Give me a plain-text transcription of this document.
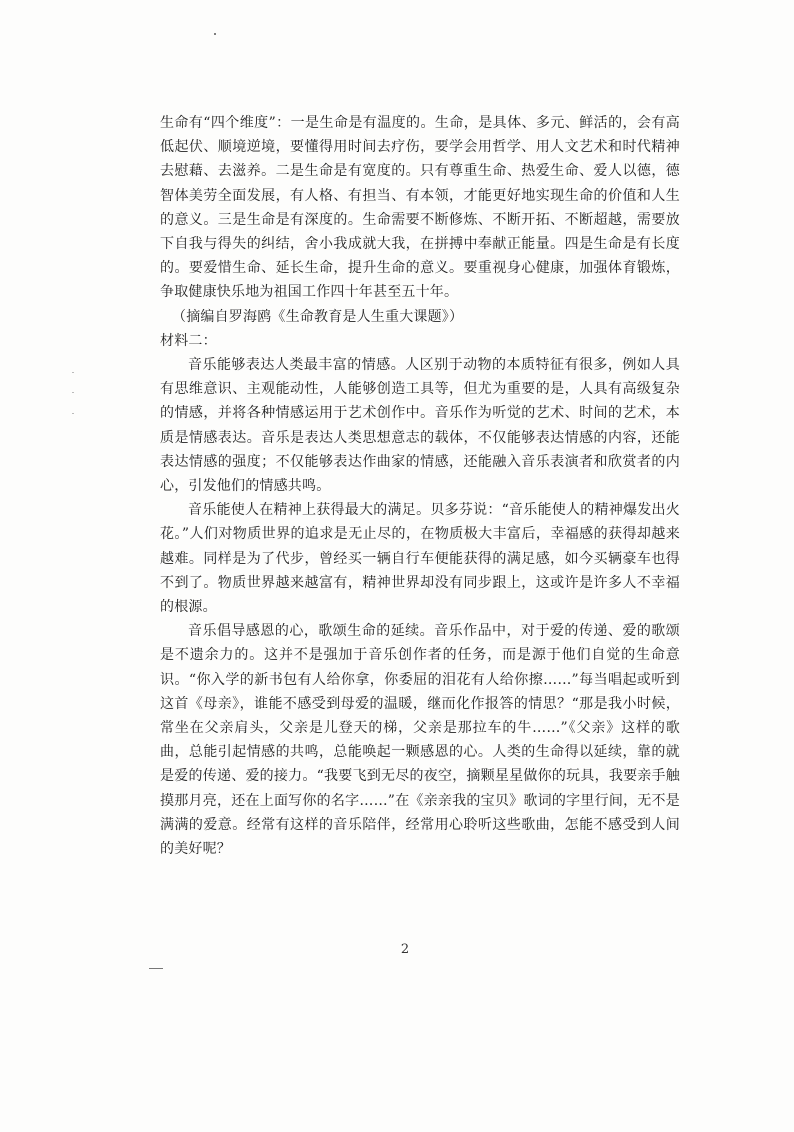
生命有“四个维度”：一是生命是有温度的。生命，是具体、多元、鲜活的，会有高低起伏、顺境逆境，要懂得用时间去疗伤，要学会用哲学、用人文艺术和时代精神去慰藉、去滋养。二是生命是有宽度的。只有尊重生命、热爱生命、爱人以德，德智体美劳全面发展，有人格、有担当、有本领，才能更好地实现生命的价值和人生的意义。三是生命是有深度的。生命需要不断修炼、不断开拓、不断超越，需要放下自我与得失的纠结，舍小我成就大我，在拼搏中奉献正能量。四是生命是有长度的。要爱惜生命、延长生命，提升生命的意义。要重视身心健康，加强体育锻炼，争取健康快乐地为祖国工作四十年甚至五十年。

（摘编自罗海鸥《生命教育是人生重大课题》）

材料二：

音乐能够表达人类最丰富的情感。人区别于动物的本质特征有很多，例如人具有思维意识、主观能动性，人能够创造工具等，但尤为重要的是，人具有高级复杂的情感，并将各种情感运用于艺术创作中。音乐作为听觉的艺术、时间的艺术，本质是情感表达。音乐是表达人类思想意志的载体，不仅能够表达情感的内容，还能表达情感的强度；不仅能够表达作曲家的情感，还能融入音乐表演者和欣赏者的内心，引发他们的情感共鸣。

音乐能使人在精神上获得最大的满足。贝多芬说：“音乐能使人的精神爆发出火花。”人们对物质世界的追求是无止尽的，在物质极大丰富后，幸福感的获得却越来越难。同样是为了代步，曾经买一辆自行车便能获得的满足感，如今买辆豪车也得不到了。物质世界越来越富有，精神世界却没有同步跟上，这或许是许多人不幸福的根源。

音乐倡导感恩的心，歌颂生命的延续。音乐作品中，对于爱的传递、爱的歌颂是不遗余力的。这并不是强加于音乐创作者的任务，而是源于他们自觉的生命意识。“你入学的新书包有人给你拿，你委屈的泪花有人给你擦……”每当唱起或听到这首《母亲》，谁能不感受到母爱的温暖，继而化作报答的情思？“那是我小时候，常坐在父亲肩头，父亲是儿登天的梯，父亲是那拉车的牛……”《父亲》这样的歌曲，总能引起情感的共鸣，总能唤起一颗感恩的心。人类的生命得以延续，靠的就是爱的传递、爱的接力。“我要飞到无尽的夜空，摘颗星星做你的玩具，我要亲手触摸那月亮，还在上面写你的名字……”在《亲亲我的宝贝》歌词的字里行间，无不是满满的爱意。经常有这样的音乐陪伴，经常用心聆听这些歌曲，怎能不感受到人间的美好呢？

2
